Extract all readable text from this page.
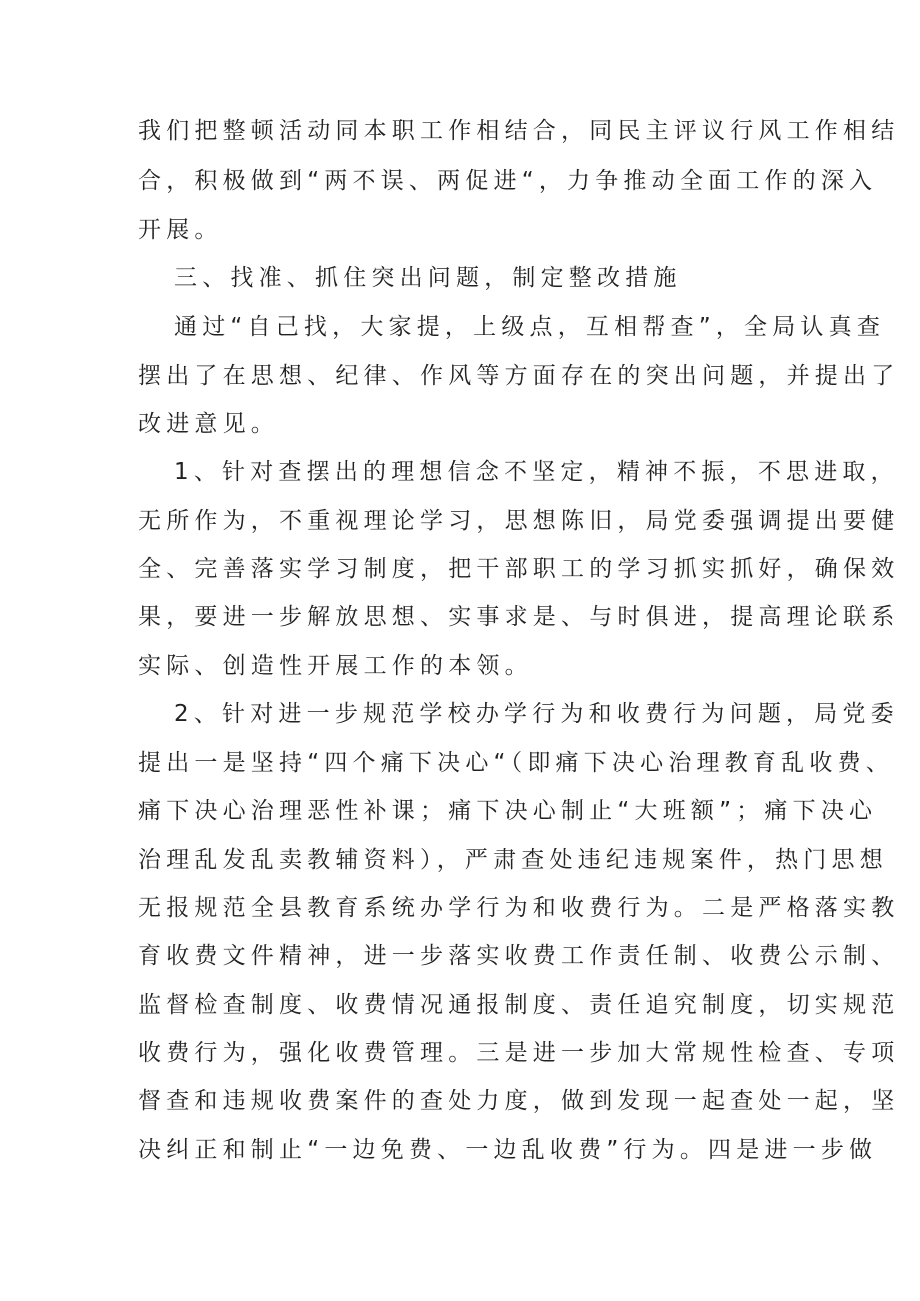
我们把整顿活动同本职工作相结合，同民主评议行风工作相结
合，积极做到“两不误、两促进“，力争推动全面工作的深入
开展。
三、找准、抓住突出问题，制定整改措施
通过“自己找，大家提，上级点，互相帮查”，全局认真查
摆出了在思想、纪律、作风等方面存在的突出问题，并提出了
改进意见。
1、针对查摆出的理想信念不坚定，精神不振，不思进取，
无所作为，不重视理论学习，思想陈旧，局党委强调提出要健
全、完善落实学习制度，把干部职工的学习抓实抓好，确保效
果，要进一步解放思想、实事求是、与时俱进，提高理论联系
实际、创造性开展工作的本领。
2、针对进一步规范学校办学行为和收费行为问题，局党委
提出一是坚持“四个痛下决心“（即痛下决心治理教育乱收费、
痛下决心治理恶性补课；痛下决心制止“大班额”；痛下决心
治理乱发乱卖教辅资料），严肃查处违纪违规案件，热门思想
无报规范全县教育系统办学行为和收费行为。二是严格落实教
育收费文件精神，进一步落实收费工作责任制、收费公示制、
监督检查制度、收费情况通报制度、责任追究制度，切实规范
收费行为，强化收费管理。三是进一步加大常规性检查、专项
督查和违规收费案件的查处力度，做到发现一起查处一起，坚
决纠正和制止“一边免费、一边乱收费”行为。四是进一步做
